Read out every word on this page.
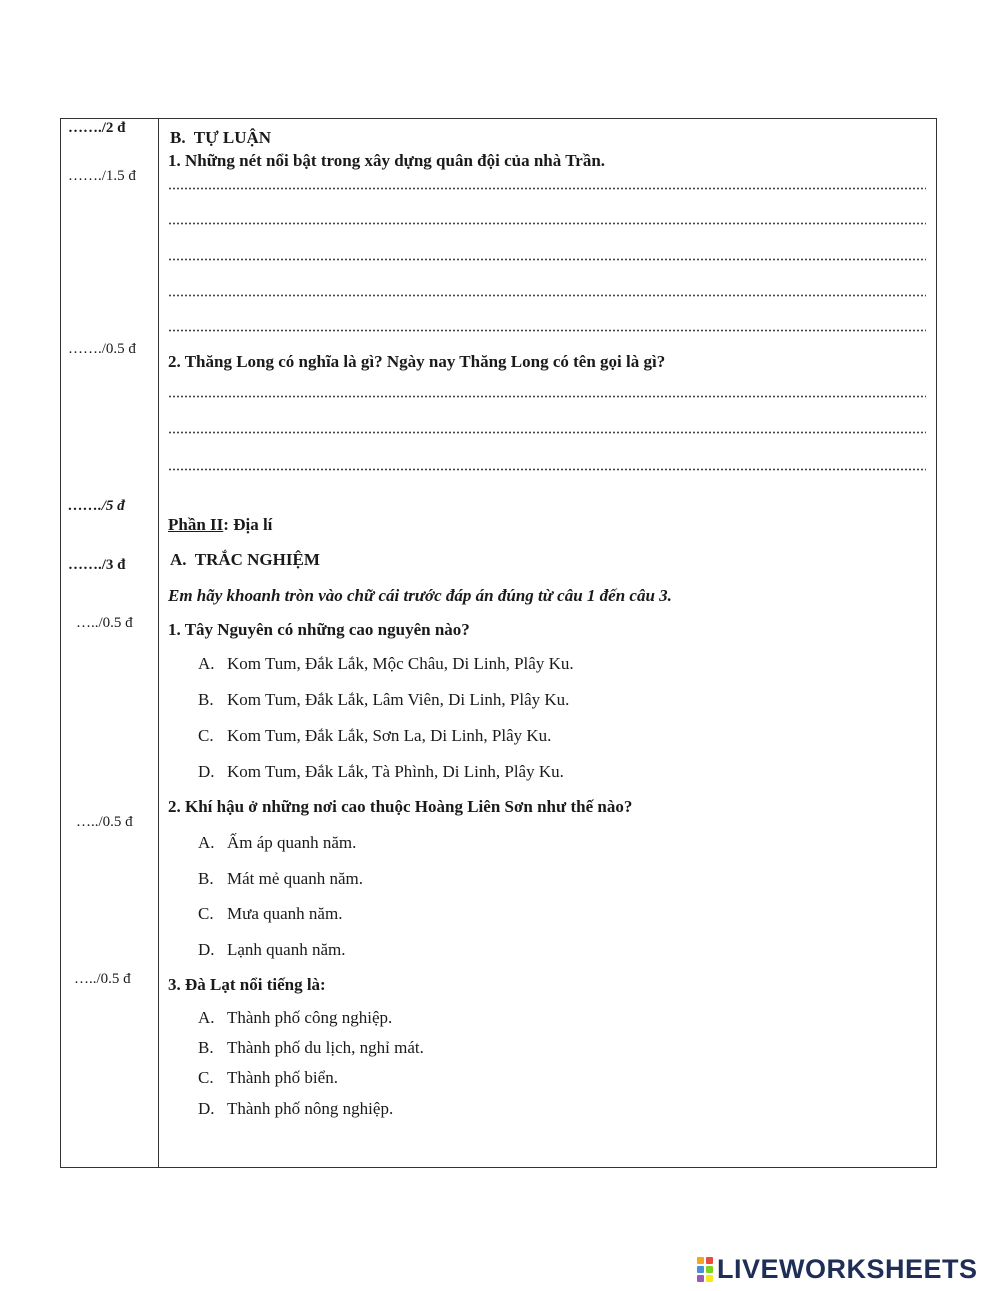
……./2 đ
……./1.5 đ
……./0.5 đ
……./5 đ
……./3 đ
…../0.5 đ
…../0.5 đ
…../0.5 đ
B. TỰ LUẬN
1. Những nét nổi bật trong xây dựng quân đội của nhà Trần.
2. Thăng Long có nghĩa là gì? Ngày nay Thăng Long có tên gọi là gì?
Phần II: Địa lí
A. TRẮC NGHIỆM
Em hãy khoanh tròn vào chữ cái trước đáp án đúng từ câu 1 đến câu 3.
1. Tây Nguyên có những cao nguyên nào?
A. Kom Tum, Đắk Lắk, Mộc Châu, Di Linh, Plây Ku.
B. Kom Tum, Đắk Lắk, Lâm Viên, Di Linh, Plây Ku.
C. Kom Tum, Đắk Lắk, Sơn La, Di Linh, Plây Ku.
D. Kom Tum, Đắk Lắk, Tà Phình, Di Linh, Plây Ku.
2. Khí hậu ở những nơi cao thuộc Hoàng Liên Sơn như thế nào?
A. Ấm áp quanh năm.
B. Mát mẻ quanh năm.
C. Mưa quanh năm.
D. Lạnh quanh năm.
3. Đà Lạt nổi tiếng là:
A. Thành phố công nghiệp.
B. Thành phố du lịch, nghỉ mát.
C. Thành phố biển.
D. Thành phố nông nghiệp.
LIVEWORKSHEETS
